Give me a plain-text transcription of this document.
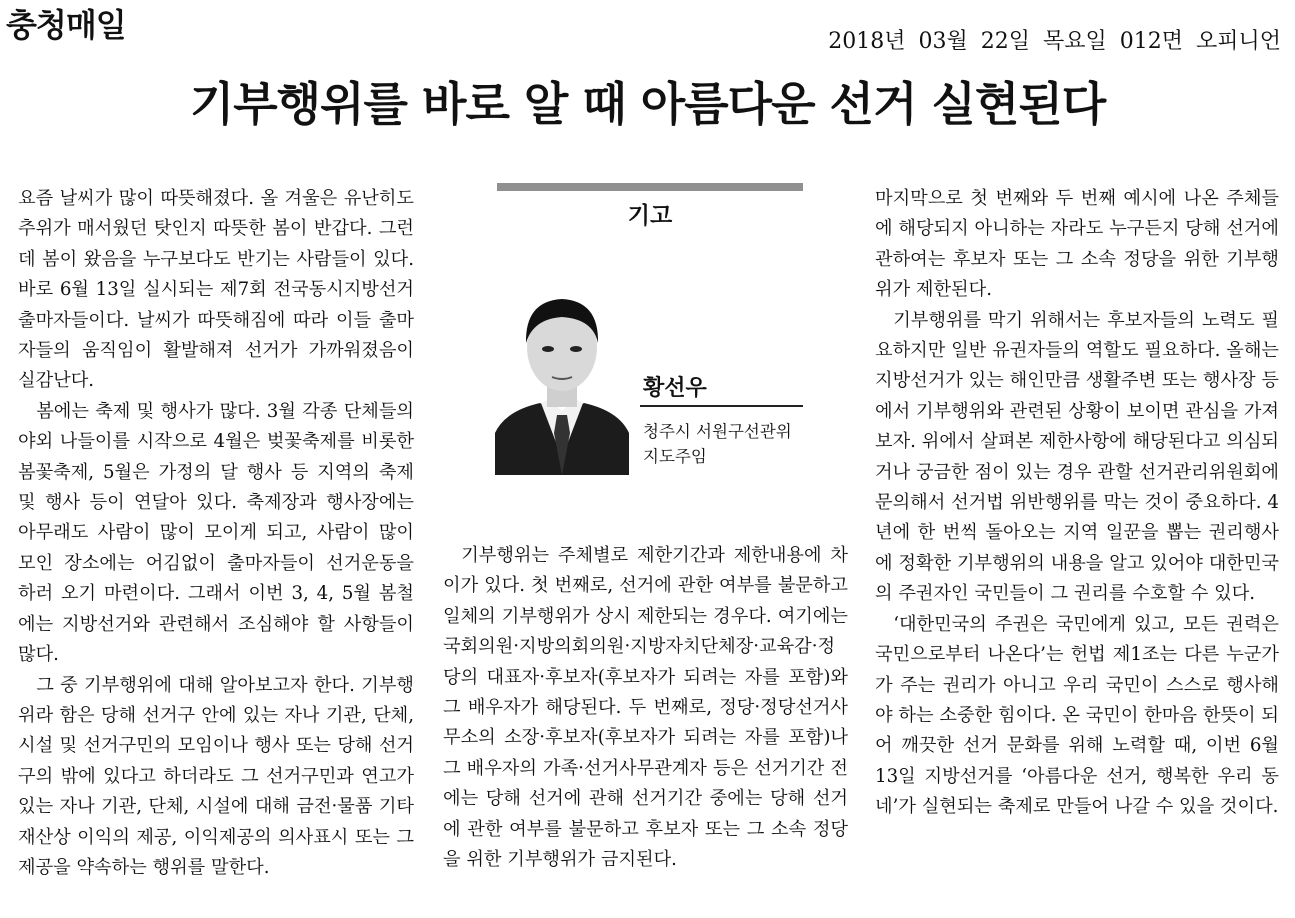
충청매일	2018년 03월 22일 목요일 012면 오피니언
기부행위를 바로 알 때 아름다운 선거 실현된다

요즘 날씨가 많이 따뜻해졌다. 올 겨울은 유난히도 추위가 매서웠던 탓인지 따뜻한 봄이 반갑다. 그런데 봄이 왔음을 누구보다도 반기는 사람들이 있다. 바로 6월 13일 실시되는 제7회 전국동시지방선거 출마자들이다. 날씨가 따뜻해짐에 따라 이들 출마자들의 움직임이 활발해져 선거가 가까워졌음이 실감난다.

봄에는 축제 및 행사가 많다. 3월 각종 단체들의 야외 나들이를 시작으로 4월은 벚꽃축제를 비롯한 봄꽃축제, 5월은 가정의 달 행사 등 지역의 축제 및 행사 등이 연달아 있다. 축제장과 행사장에는 아무래도 사람이 많이 모이게 되고, 사람이 많이 모인 장소에는 어김없이 출마자들이 선거운동을 하러 오기 마련이다. 그래서 이번 3, 4, 5월 봄철에는 지방선거와 관련해서 조심해야 할 사항들이 많다.

그 중 기부행위에 대해 알아보고자 한다. 기부행위라 함은 당해 선거구 안에 있는 자나 기관, 단체, 시설 및 선거구민의 모임이나 행사 또는 당해 선거구의 밖에 있다고 하더라도 그 선거구민과 연고가 있는 자나 기관, 단체, 시설에 대해 금전·물품 기타 재산상 이익의 제공, 이익제공의 의사표시 또는 그 제공을 약속하는 행위를 말한다.

기고
황선우
청주시 서원구선관위
지도주임

기부행위는 주체별로 제한기간과 제한내용에 차이가 있다. 첫 번째로, 선거에 관한 여부를 불문하고 일체의 기부행위가 상시 제한되는 경우다. 여기에는 국회의원·지방의회의원·지방자치단체장·교육감·정당의 대표자·후보자(후보자가 되려는 자를 포함)와 그 배우자가 해당된다. 두 번째로, 정당·정당선거사무소의 소장·후보자(후보자가 되려는 자를 포함)나 그 배우자의 가족·선거사무관계자 등은 선거기간 전에는 당해 선거에 관해 선거기간 중에는 당해 선거에 관한 여부를 불문하고 후보자 또는 그 소속 정당을 위한 기부행위가 금지된다.

마지막으로 첫 번째와 두 번째 예시에 나온 주체들에 해당되지 아니하는 자라도 누구든지 당해 선거에 관하여는 후보자 또는 그 소속 정당을 위한 기부행위가 제한된다.

기부행위를 막기 위해서는 후보자들의 노력도 필요하지만 일반 유권자들의 역할도 필요하다. 올해는 지방선거가 있는 해인만큼 생활주변 또는 행사장 등에서 기부행위와 관련된 상황이 보이면 관심을 가져보자. 위에서 살펴본 제한사항에 해당된다고 의심되거나 궁금한 점이 있는 경우 관할 선거관리위원회에 문의해서 선거법 위반행위를 막는 것이 중요하다. 4년에 한 번씩 돌아오는 지역 일꾼을 뽑는 권리행사에 정확한 기부행위의 내용을 알고 있어야 대한민국의 주권자인 국민들이 그 권리를 수호할 수 있다.

‘대한민국의 주권은 국민에게 있고, 모든 권력은 국민으로부터 나온다’는 헌법 제1조는 다른 누군가가 주는 권리가 아니고 우리 국민이 스스로 행사해야 하는 소중한 힘이다. 온 국민이 한마음 한뜻이 되어 깨끗한 선거 문화를 위해 노력할 때, 이번 6월 13일 지방선거를 ‘아름다운 선거, 행복한 우리 동네’가 실현되는 축제로 만들어 나갈 수 있을 것이다.
